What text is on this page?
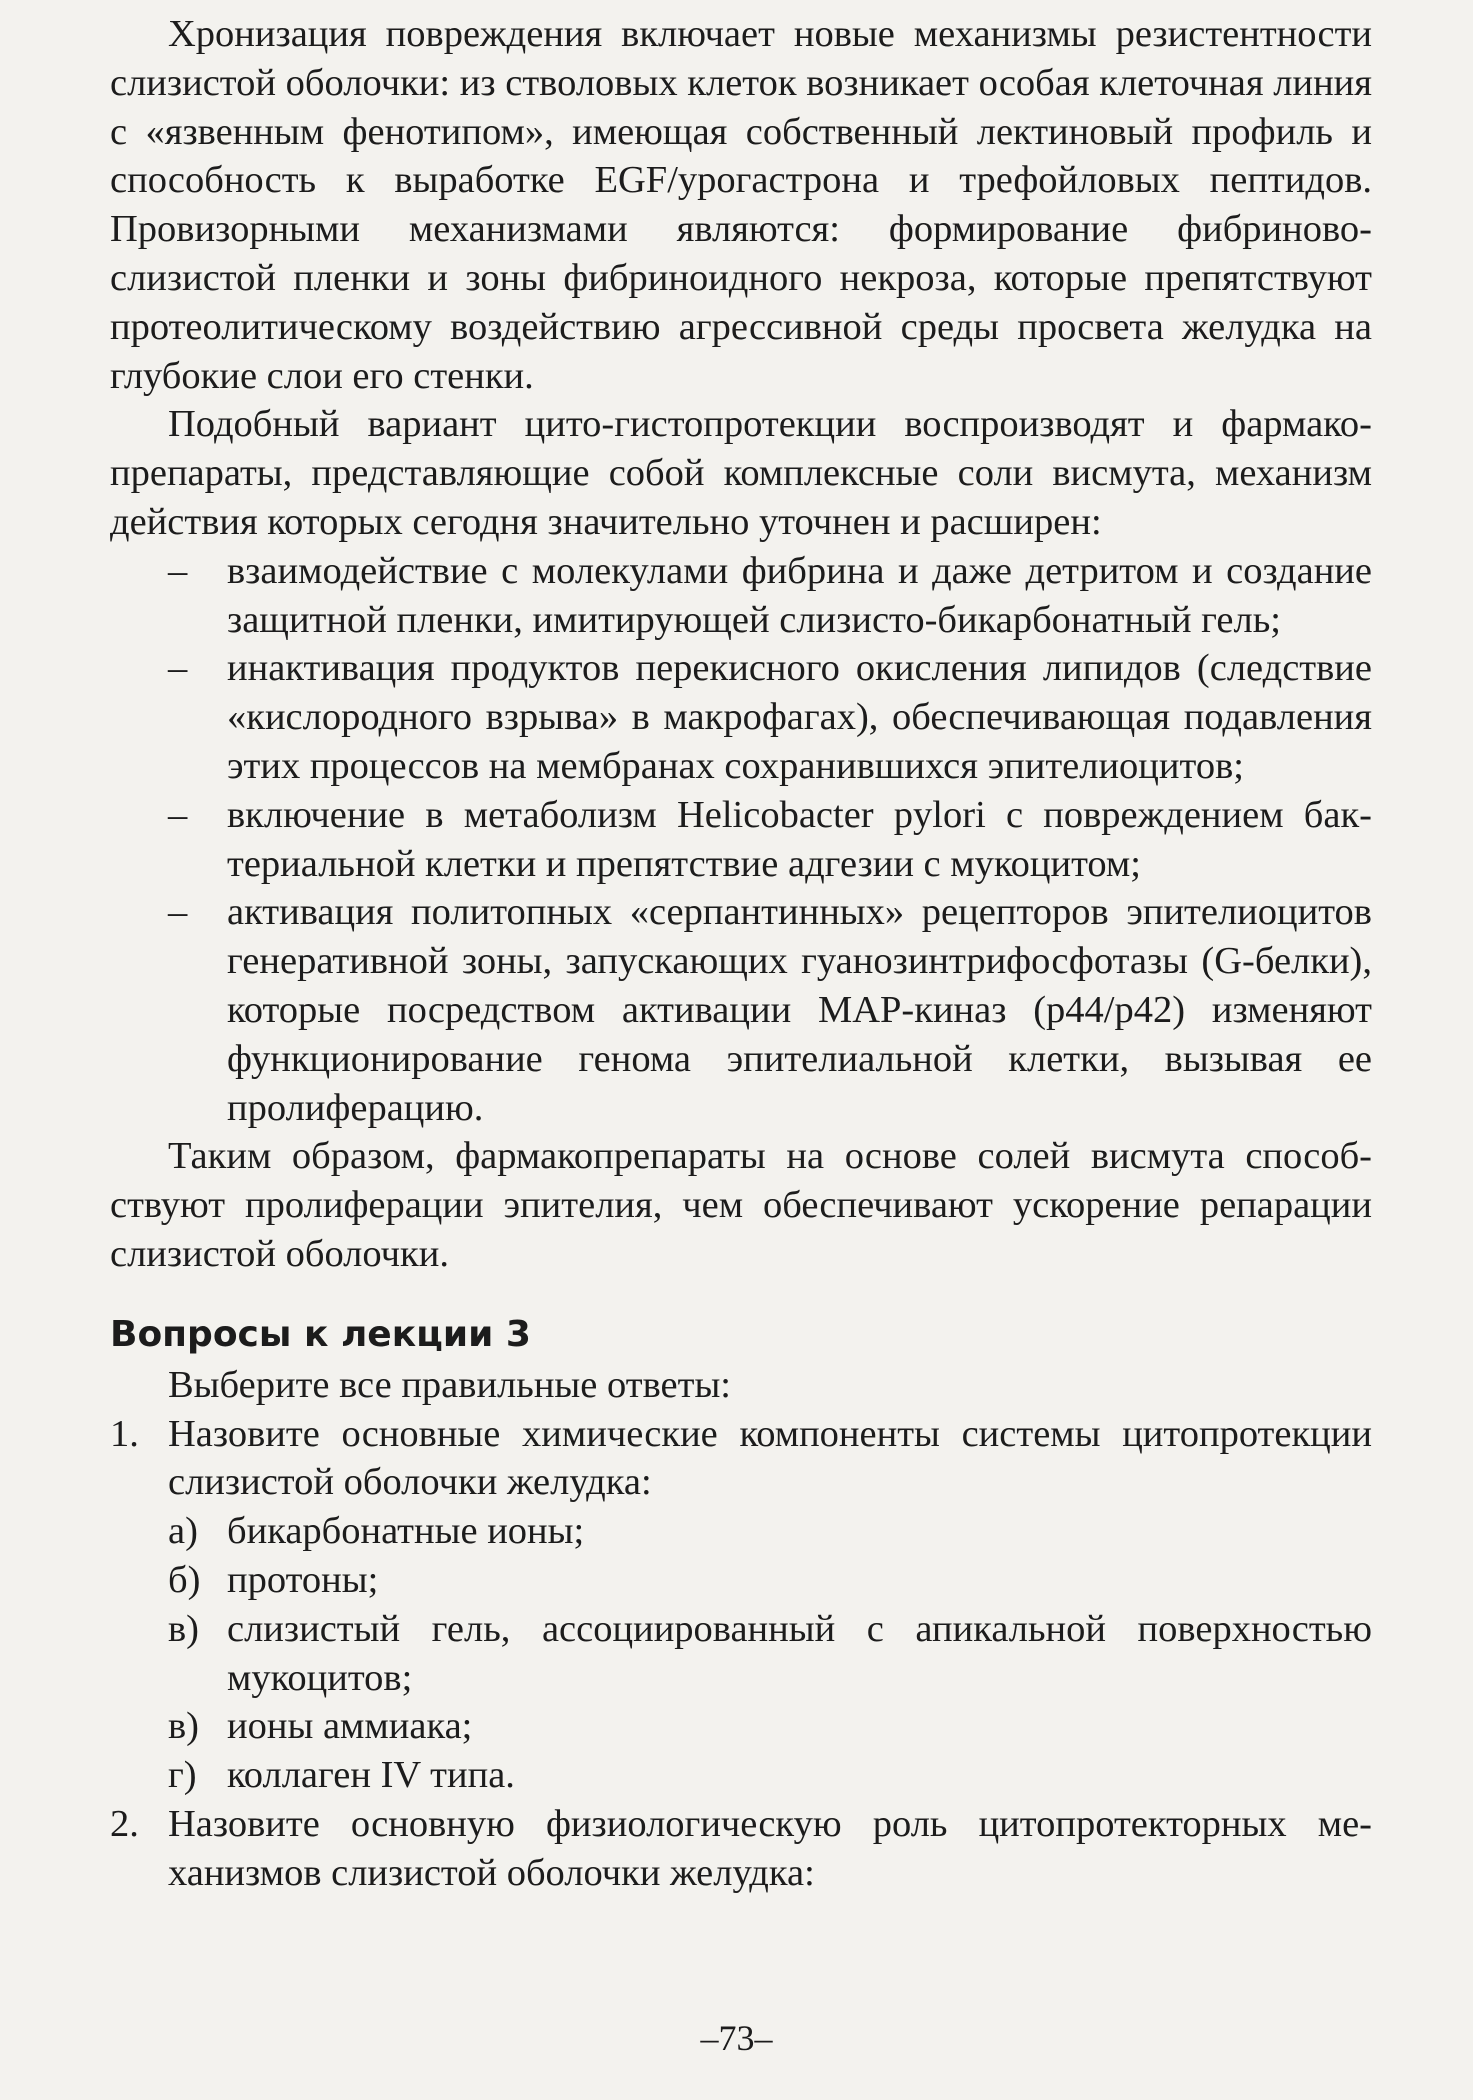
Хронизация повреждения включает новые механизмы резистентности слизистой оболочки: из стволовых клеток возникает особая клеточная линия с «язвенным фенотипом», имеющая собственный лектиновый профиль и способность к выработке EGF/урогастрона и трефойловых пептидов. Провизорными механизмами являются: формирование фибриново-слизистой пленки и зоны фибриноидного некроза, которые препятствуют протеолитическому воздействию агрессивной среды просвета желудка на глубокие слои его стенки.

Подобный вариант цито-гистопротекции воспроизводят и фармакопрепараты, представляющие собой комплексные соли висмута, механизм действия которых сегодня значительно уточнен и расширен:

– взаимодействие с молекулами фибрина и даже детритом и создание защитной пленки, имитирующей слизисто-бикарбонатный гель;
– инактивация продуктов перекисного окисления липидов (следствие «кислородного взрыва» в макрофагах), обеспечивающая подавления этих процессов на мембранах сохранившихся эпителиоцитов;
– включение в метаболизм Helicobacter pylori с повреждением бактериальной клетки и препятствие адгезии с мукоцитом;
– активация политопных «серпантинных» рецепторов эпителиоцитов генеративной зоны, запускающих гуанозинтрифосфотазы (G-белки), которые посредством активации MAP-киназ (p44/p42) изменяют функционирование генома эпителиальной клетки, вызывая ее пролиферацию.

Таким образом, фармакопрепараты на основе солей висмута способствуют пролиферации эпителия, чем обеспечивают ускорение репарации слизистой оболочки.

Вопросы к лекции 3

Выберите все правильные ответы:

1. Назовите основные химические компоненты системы цитопротекции слизистой оболочки желудка:
а) бикарбонатные ионы;
б) протоны;
в) слизистый гель, ассоциированный с апикальной поверхностью мукоцитов;
в) ионы аммиака;
г) коллаген IV типа.
2. Назовите основную физиологическую роль цитопротекторных механизмов слизистой оболочки желудка:
–73–
